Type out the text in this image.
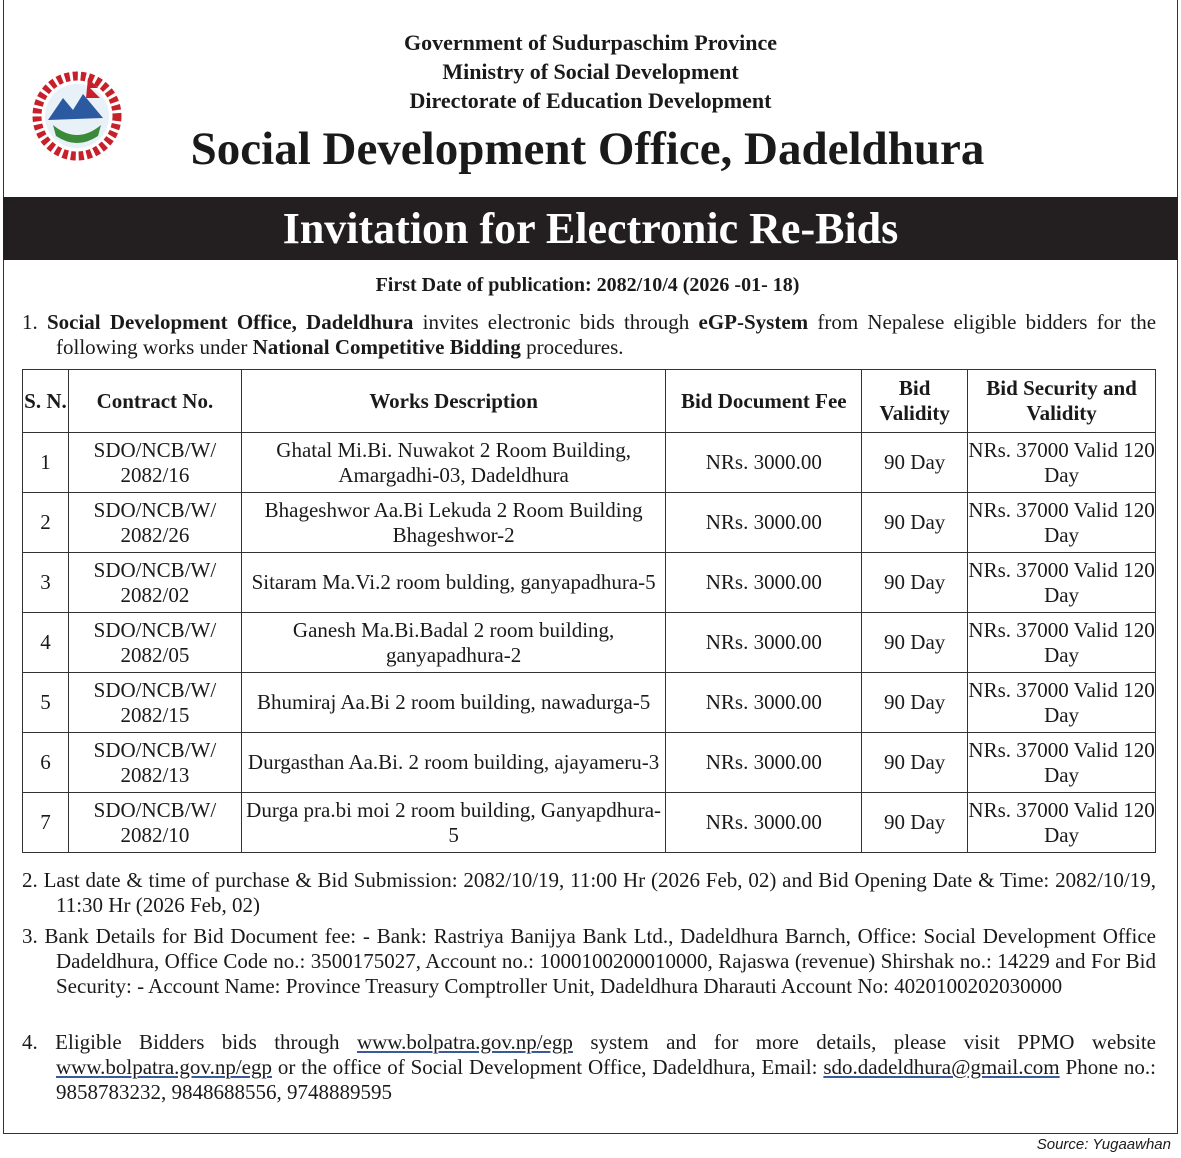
Government of Sudurpaschim Province
Ministry of Social Development
Directorate of Education Development
Social Development Office, Dadeldhura
Invitation for Electronic Re-Bids
First Date of publication: 2082/10/4 (2026 -01- 18)
1. Social Development Office, Dadeldhura invites electronic bids through eGP-System from Nepalese eligible bidders for the following works under National Competitive Bidding procedures.
S. N.	Contract No.	Works Description	Bid Document Fee	Bid Validity	Bid Security and Validity
1	SDO/NCB/W/ 2082/16	Ghatal Mi.Bi. Nuwakot 2 Room Building, Amargadhi-03, Dadeldhura	NRs. 3000.00	90 Day	NRs. 37000 Valid 120 Day
2	SDO/NCB/W/ 2082/26	Bhageshwor Aa.Bi Lekuda 2 Room Building Bhageshwor-2	NRs. 3000.00	90 Day	NRs. 37000 Valid 120 Day
3	SDO/NCB/W/ 2082/02	Sitaram Ma.Vi.2 room bulding, ganyapadhura-5	NRs. 3000.00	90 Day	NRs. 37000 Valid 120 Day
4	SDO/NCB/W/ 2082/05	Ganesh Ma.Bi.Badal 2 room building, ganyapadhura-2	NRs. 3000.00	90 Day	NRs. 37000 Valid 120 Day
5	SDO/NCB/W/ 2082/15	Bhumiraj Aa.Bi 2 room building, nawadurga-5	NRs. 3000.00	90 Day	NRs. 37000 Valid 120 Day
6	SDO/NCB/W/ 2082/13	Durgasthan Aa.Bi. 2 room building, ajayameru-3	NRs. 3000.00	90 Day	NRs. 37000 Valid 120 Day
7	SDO/NCB/W/ 2082/10	Durga pra.bi moi 2 room building, Ganyapdhura-5	NRs. 3000.00	90 Day	NRs. 37000 Valid 120 Day
2. Last date & time of purchase & Bid Submission: 2082/10/19, 11:00 Hr (2026 Feb, 02) and Bid Opening Date & Time: 2082/10/19, 11:30 Hr (2026 Feb, 02)
3. Bank Details for Bid Document fee: - Bank: Rastriya Banijya Bank Ltd., Dadeldhura Barnch, Office: Social Development Office Dadeldhura, Office Code no.: 3500175027, Account no.: 1000100200010000, Rajaswa (revenue) Shirshak no.: 14229 and For Bid Security: - Account Name: Province Treasury Comptroller Unit, Dadeldhura Dharauti Account No: 4020100202030000
4. Eligible Bidders bids through www.bolpatra.gov.np/egp system and for more details, please visit PPMO website www.bolpatra.gov.np/egp or the office of Social Development Office, Dadeldhura, Email: sdo.dadeldhura@gmail.com Phone no.: 9858783232, 9848688556, 9748889595
Source: Yugaawhan
